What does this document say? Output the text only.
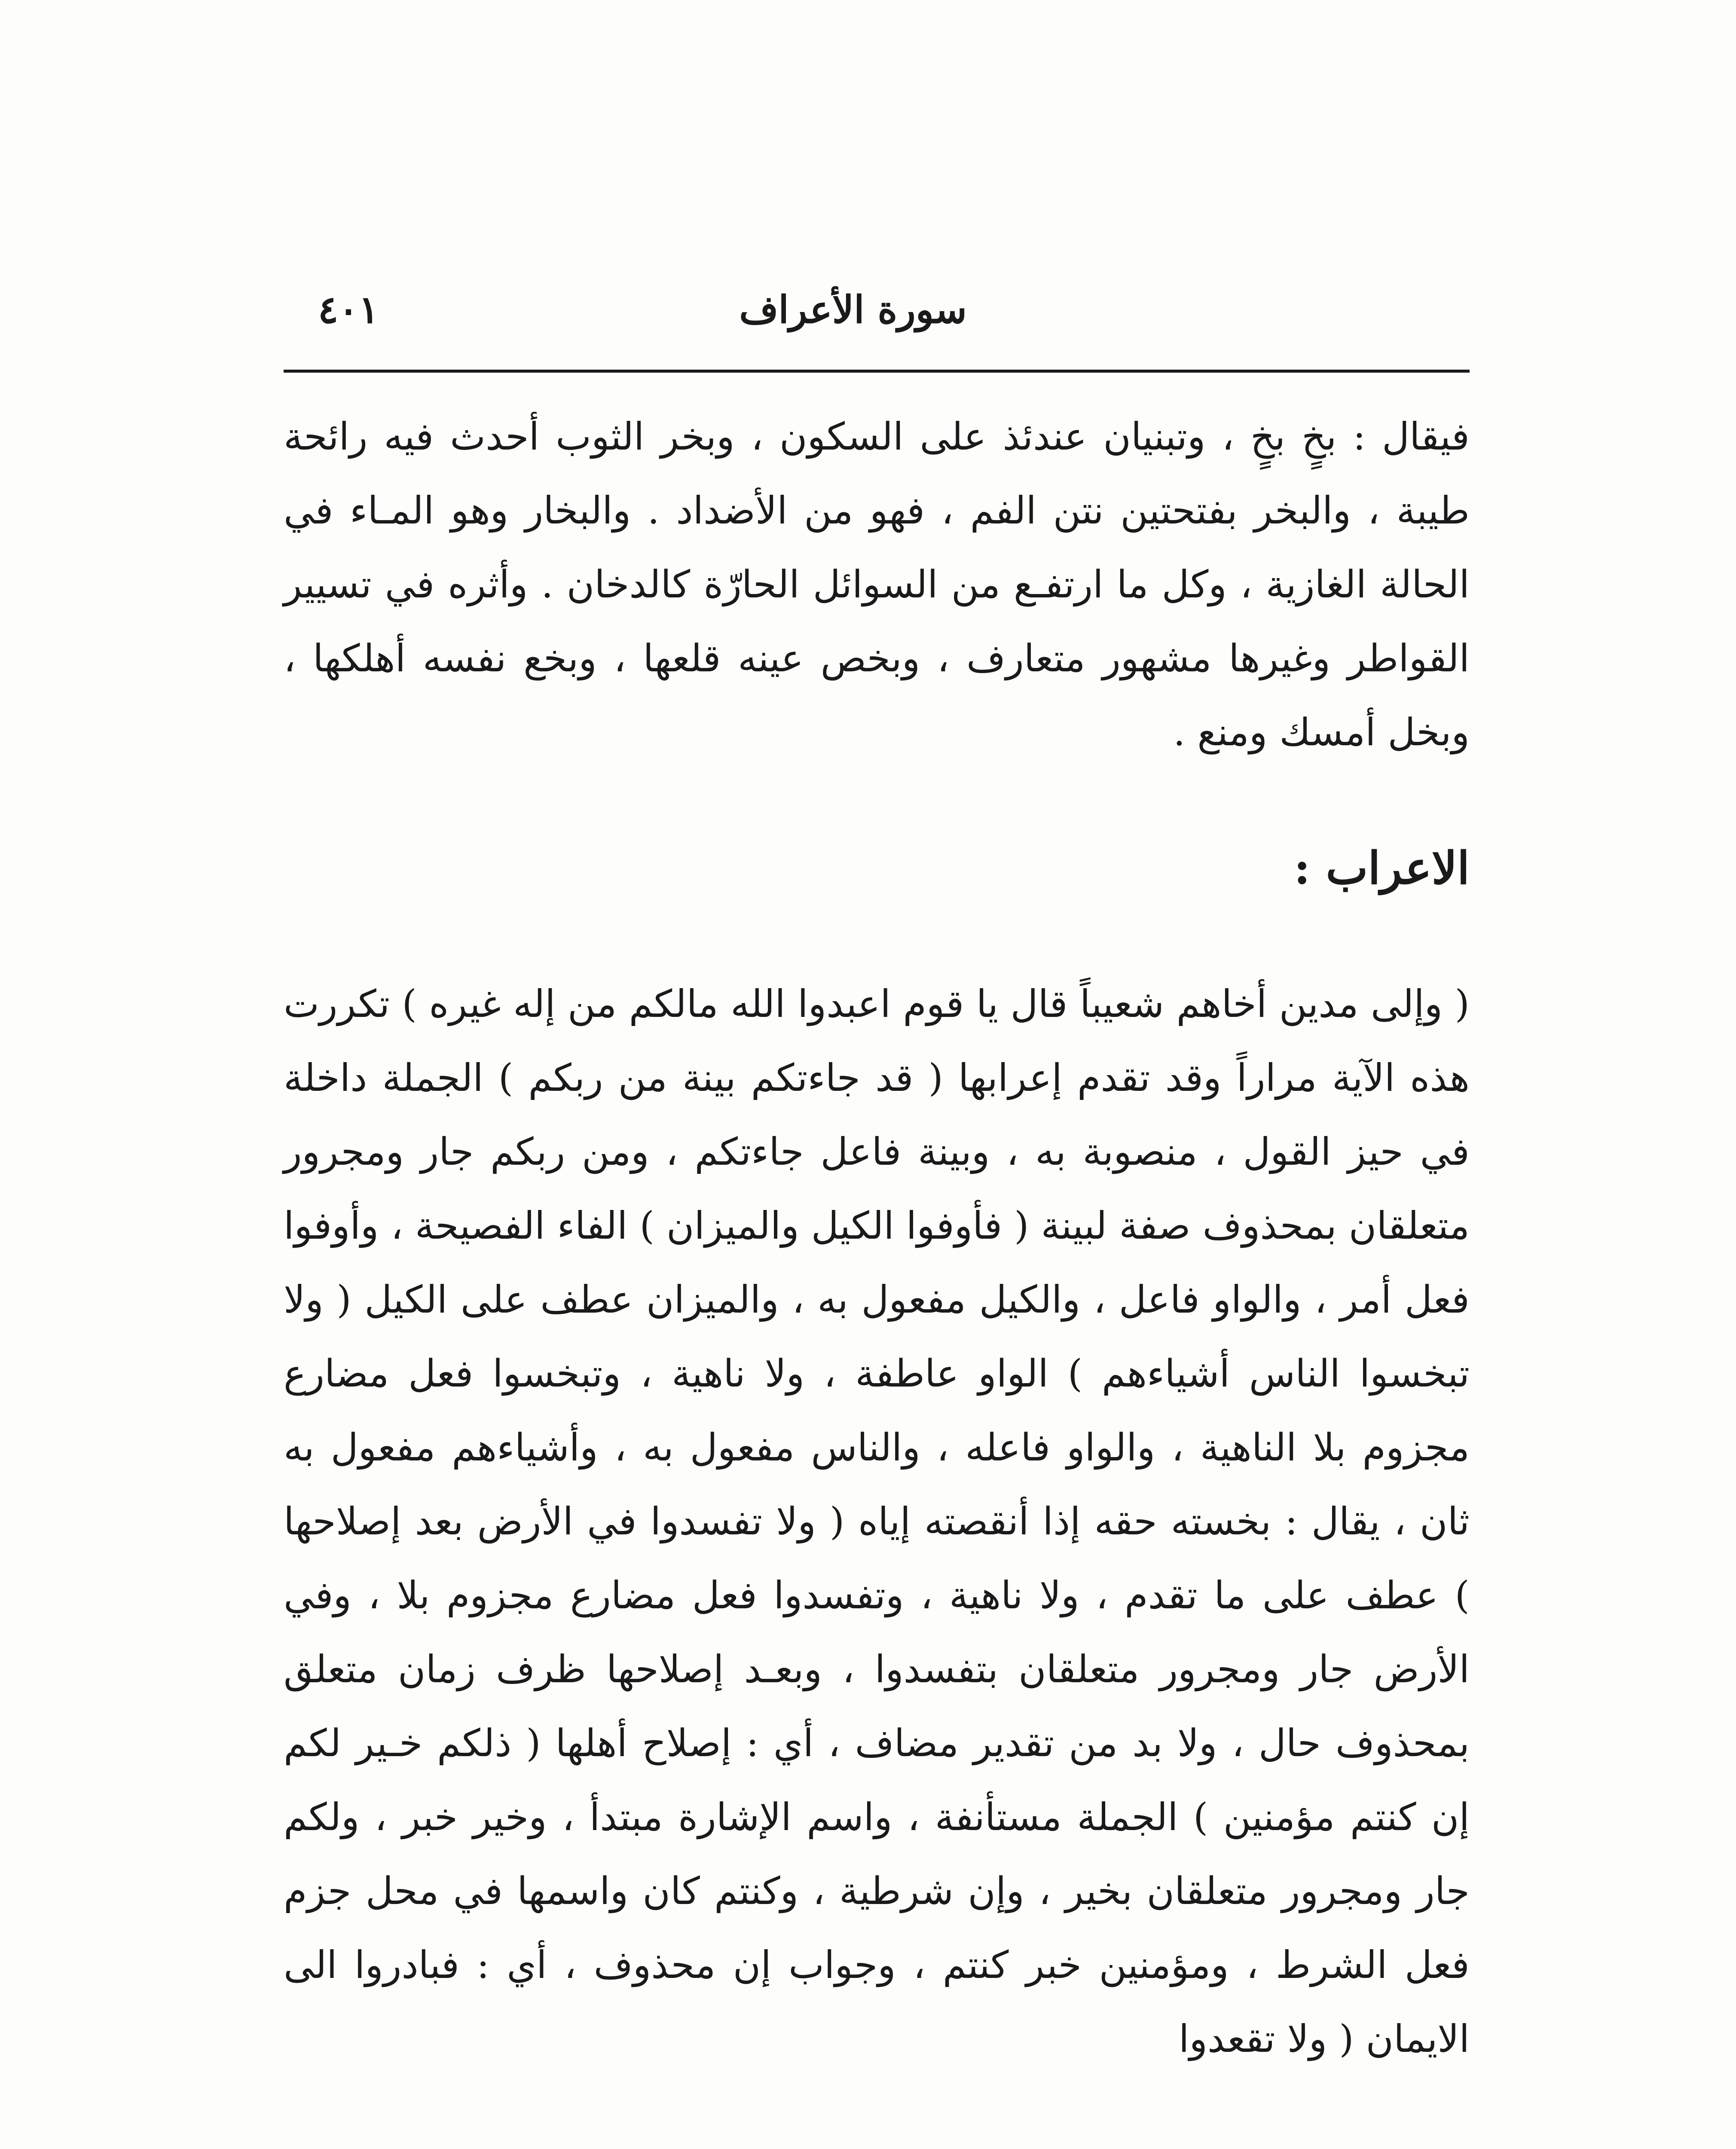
سورة الأعراف
٤٠١

فيقال : بخٍ بخٍ ، وتبنيان عندئذ على السكون ، وبخر الثوب أحدث فيه رائحة طيبة ، والبخر بفتحتين نتن الفم ، فهو من الأضداد . والبخار وهو المـاء في الحالة الغازية ، وكل ما ارتفـع من السوائل الحارّة كالدخان . وأثره في تسيير القواطر وغيرها مشهور متعارف ، وبخص عينه قلعها ، وبخع نفسه أهلكها ، وبخل أمسك ومنع .

الاعراب :

( وإلى مدين أخاهم شعيباً قال يا قوم اعبدوا الله مالكم من إله غيره ) تكررت هذه الآية مراراً وقد تقدم إعرابها ( قد جاءتكم بينة من ربكم ) الجملة داخلة في حيز القول ، منصوبة به ، وبينة فاعل جاءتكم ، ومن ربكم جار ومجرور متعلقان بمحذوف صفة لبينة ( فأوفوا الكيل والميزان ) الفاء الفصيحة ، وأوفوا فعل أمر ، والواو فاعل ، والكيل مفعول به ، والميزان عطف على الكيل ( ولا تبخسوا الناس أشياءهم ) الواو عاطفة ، ولا ناهية ، وتبخسوا فعل مضارع مجزوم بلا الناهية ، والواو فاعله ، والناس مفعول به ، وأشياءهم مفعول به ثان ، يقال : بخسته حقه إذا أنقصته إياه ( ولا تفسدوا في الأرض بعد إصلاحها ) عطف على ما تقدم ، ولا ناهية ، وتفسدوا فعل مضارع مجزوم بلا ، وفي الأرض جار ومجرور متعلقان بتفسدوا ، وبعـد إصلاحها ظرف زمان متعلق بمحذوف حال ، ولا بد من تقدير مضاف ، أي : إصلاح أهلها ( ذلكم خـير لكم إن كنتم مؤمنين ) الجملة مستأنفة ، واسم الإشارة مبتدأ ، وخير خبر ، ولكم جار ومجرور متعلقان بخير ، وإن شرطية ، وكنتم كان واسمها في محل جزم فعل الشرط ، ومؤمنين خبر كنتم ، وجواب إن محذوف ، أي : فبادروا الى الايمان ( ولا تقعدوا
